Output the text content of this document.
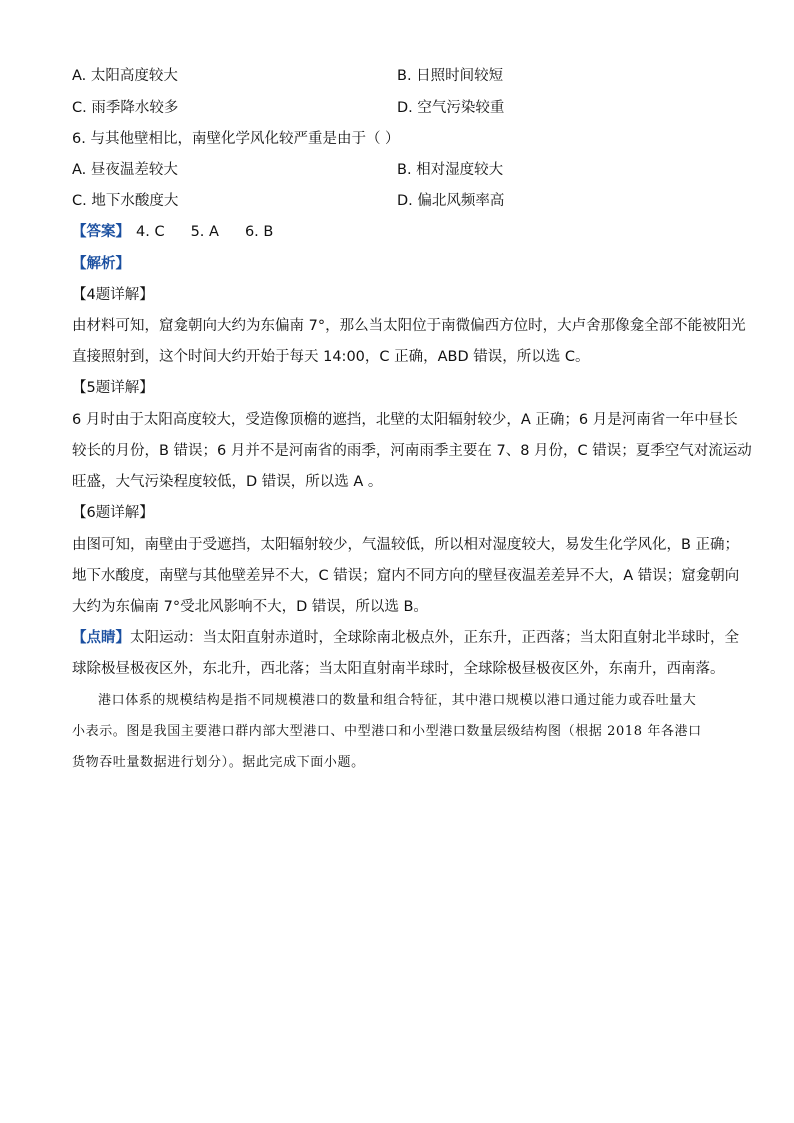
A. 太阳高度较大	B. 日照时间较短
C. 雨季降水较多	D. 空气污染较重
6. 与其他壁相比，南壁化学风化较严重是由于（ ）
A. 昼夜温差较大	B. 相对湿度较大
C. 地下水酸度大	D. 偏北风频率高
【答案】 4. C 5. A 6. B
【解析】
【4题详解】
由材料可知，窟龛朝向大约为东偏南 7°，那么当太阳位于南微偏西方位时，大卢舍那像龛全部不能被阳光
直接照射到，这个时间大约开始于每天 14:00，C 正确，ABD 错误，所以选 C。
【5题详解】
6 月时由于太阳高度较大，受造像顶檐的遮挡，北壁的太阳辐射较少，A 正确；6 月是河南省一年中昼长
较长的月份，B 错误；6 月并不是河南省的雨季，河南雨季主要在 7、8 月份，C 错误；夏季空气对流运动
旺盛，大气污染程度较低，D 错误，所以选 A 。
【6题详解】
由图可知，南壁由于受遮挡，太阳辐射较少，气温较低，所以相对湿度较大，易发生化学风化，B 正确；
地下水酸度，南壁与其他壁差异不大，C 错误；窟内不同方向的壁昼夜温差差异不大，A 错误；窟龛朝向
大约为东偏南 7°受北风影响不大，D 错误，所以选 B。
【点睛】太阳运动：当太阳直射赤道时，全球除南北极点外，正东升，正西落；当太阳直射北半球时，全
球除极昼极夜区外，东北升，西北落；当太阳直射南半球时，全球除极昼极夜区外，东南升，西南落。
港口体系的规模结构是指不同规模港口的数量和组合特征，其中港口规模以港口通过能力或吞吐量大
小表示。图是我国主要港口群内部大型港口、中型港口和小型港口数量层级结构图（根据 2018 年各港口
货物吞吐量数据进行划分）。据此完成下面小题。
